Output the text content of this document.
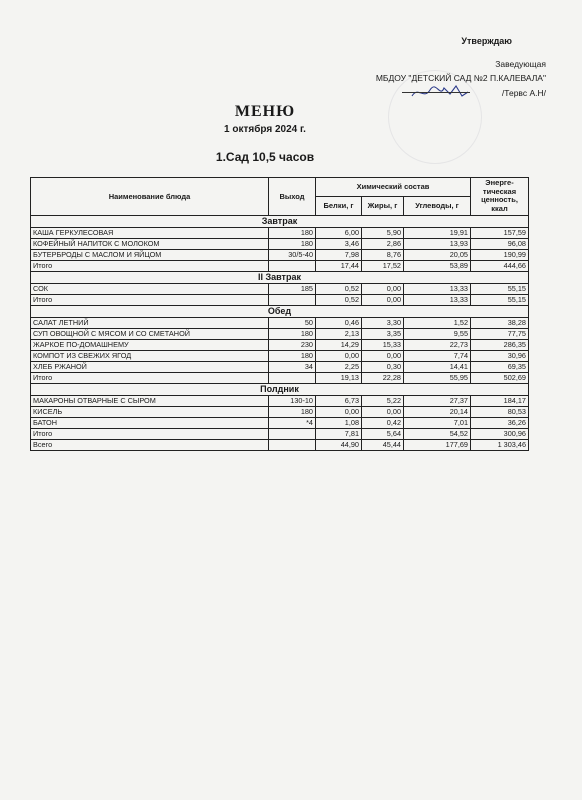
Утверждаю
Заведующая
МБДОУ "ДЕТСКИЙ САД №2 П.КАЛЕВАЛА"
/Тервс А.Н/
МЕНЮ
1 октября 2024 г.
1.Сад 10,5 часов
Наименование блюда	Выход	Химический состав			Энерге-тическая ценность, ккал
		Белки, г	Жиры, г	Углеводы, г	
Завтрак					
КАША ГЕРКУЛЕСОВАЯ	180	6,00	5,90	19,91	157,59
КОФЕЙНЫЙ НАПИТОК С МОЛОКОМ	180	3,46	2,86	13,93	96,08
БУТЕРБРОДЫ С МАСЛОМ И ЯЙЦОМ	30/5-40	7,98	8,76	20,05	190,99
Итого		17,44	17,52	53,89	444,66
II Завтрак					
СОК	185	0,52	0,00	13,33	55,15
Итого		0,52	0,00	13,33	55,15
Обед					
САЛАТ ЛЕТНИЙ	50	0,46	3,30	1,52	38,28
СУП ОВОЩНОЙ С МЯСОМ И СО СМЕТАНОЙ	180	2,13	3,35	9,55	77,75
ЖАРКОЕ ПО-ДОМАШНЕМУ	230	14,29	15,33	22,73	286,35
КОМПОТ ИЗ СВЕЖИХ ЯГОД	180	0,00	0,00	7,74	30,96
ХЛЕБ РЖАНОЙ	34	2,25	0,30	14,41	69,35
Итого		19,13	22,28	55,95	502,69
Полдник					
МАКАРОНЫ ОТВАРНЫЕ С СЫРОМ	130-10	6,73	5,22	27,37	184,17
КИСЕЛЬ	180	0,00	0,00	20,14	80,53
БАТОН	*4	1,08	0,42	7,01	36,26
Итого		7,81	5,64	54,52	300,96
Всего		44,90	45,44	177,69	1 303,46
